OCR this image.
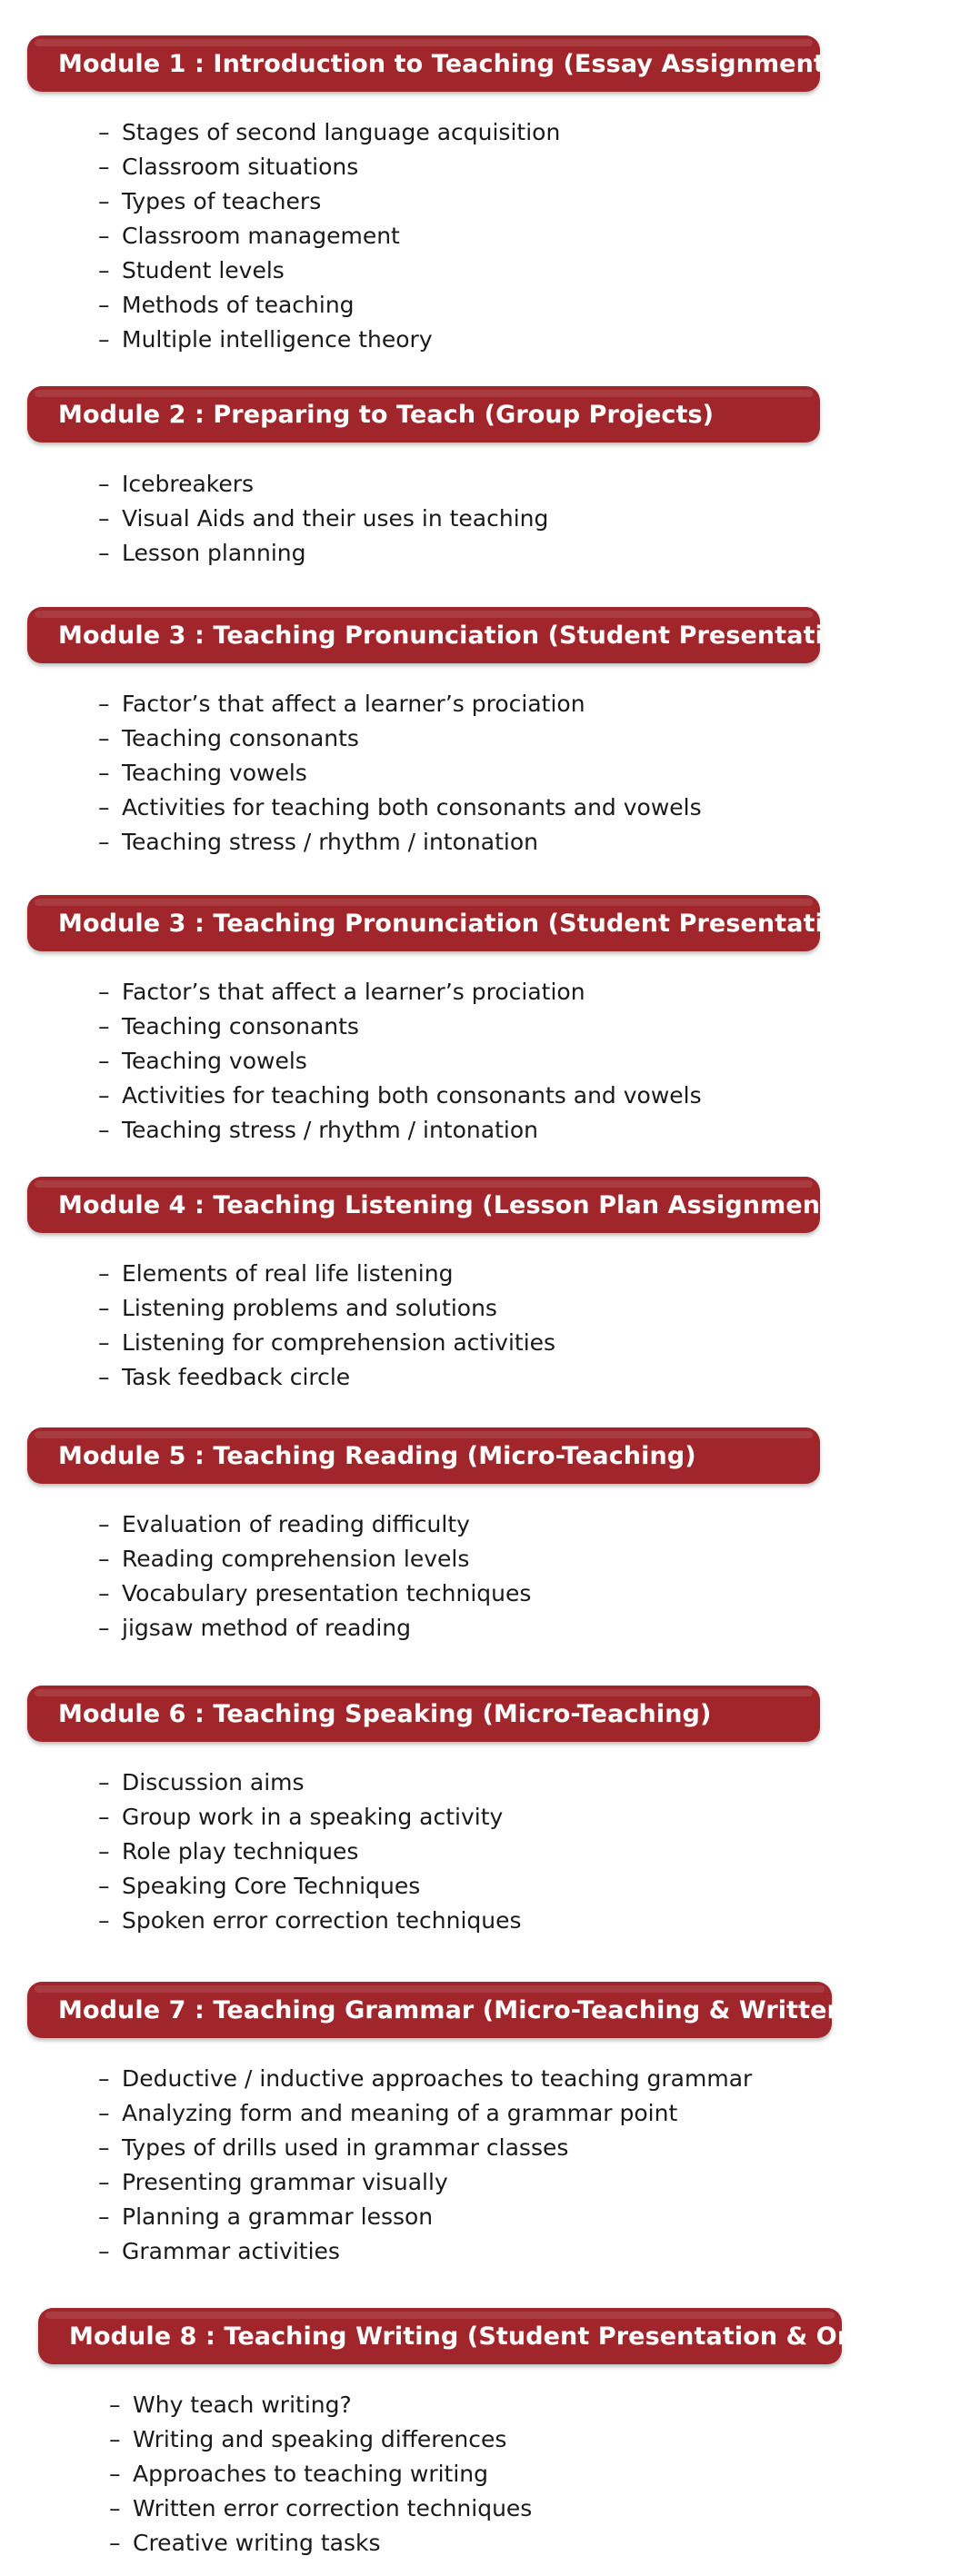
Module 1 : Introduction to Teaching (Essay Assignment)
– Stages of second language acquisition
– Classroom situations
– Types of teachers
– Classroom management
– Student levels
– Methods of teaching
– Multiple intelligence theory
Module 2 : Preparing to Teach (Group Projects)
– Icebreakers
– Visual Aids and their uses in teaching
– Lesson planning
Module 3 : Teaching Pronunciation (Student Presentation)
– Factor’s that affect a learner’s prociation
– Teaching consonants
– Teaching vowels
– Activities for teaching both consonants and vowels
– Teaching stress / rhythm / intonation
Module 3 : Teaching Pronunciation (Student Presentation)
– Factor’s that affect a learner’s prociation
– Teaching consonants
– Teaching vowels
– Activities for teaching both consonants and vowels
– Teaching stress / rhythm / intonation
Module 4 : Teaching Listening (Lesson Plan Assignment)
– Elements of real life listening
– Listening problems and solutions
– Listening for comprehension activities
– Task feedback circle
Module 5 : Teaching Reading (Micro-Teaching)
– Evaluation of reading difficulty
– Reading comprehension levels
– Vocabulary presentation techniques
– jigsaw method of reading
Module 6 : Teaching Speaking (Micro-Teaching)
– Discussion aims
– Group work in a speaking activity
– Role play techniques
– Speaking Core Techniques
– Spoken error correction techniques
Module 7 : Teaching Grammar (Micro-Teaching & Written Exam)
– Deductive / inductive approaches to teaching grammar
– Analyzing form and meaning of a grammar point
– Types of drills used in grammar classes
– Presenting grammar visually
– Planning a grammar lesson
– Grammar activities
Module 8 : Teaching Writing (Student Presentation & Oral Exam)
– Why teach writing?
– Writing and speaking differences
– Approaches to teaching writing
– Written error correction techniques
– Creative writing tasks
